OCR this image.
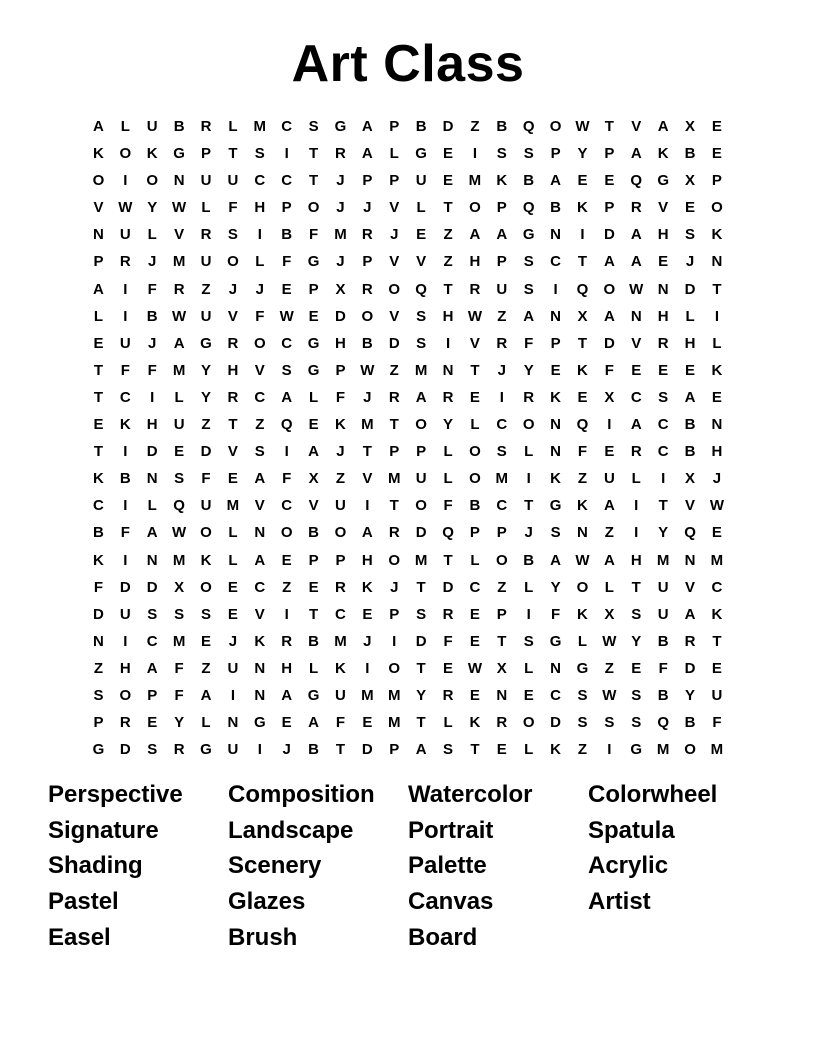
Art Class
A	L	U	B	R	L	M	C	S	G	A	P	B	D	Z	B	Q	O W	T	V	A	X	E
K	O	K	G	P	T	S	I	T	R	A	L	G	E	I	S	S	P	Y	P	A	K	B	E
O	I	O	N	U	U	C	C	T	J	P	P	U	E	M	K	B	A	E	E	Q	G	X	P
V W Y W	L	F	H	P	O	J	J	V	L	T	O	P	Q	B	K	P	R	V	E	O
N	U	L	V	R	S	I	B	F	M	R	J	E	Z	A	A	G	N	I	D	A	H	S	K
P	R	J	M	U	O	L	F	G	J	P	V	V	Z	H	P	S	C	T	A	A	E	J	N
A	I	F	R	Z	J	J	E	P	X	R	O	Q	T	R	U	S	I	Q	O W N	D	T
L	I	B W U	V	F	W E	D	O	V	S	H W	Z	A	N	X	A	N	H	L	I
E	U	J	A	G	R	O	C	G	H	B	D	S	I	V	R	F	P	T	D	V	R	H	L
T	F	F	M	Y	H	V	S	G	P W	Z	M	N	T	J	Y	E	K	F	E	E	E	K
T	C	I	L	Y	R	C	A	L	F	J	R	A	R	E	I	R	K	E	X	C	S	A	E
E	K	H	U	Z	T	Z	Q	E	K	M	T	O	Y	L	C	O	N	Q	I	A	C	B	N
T	I	D	E	D	V	S	I	A	J	T	P	P	L	O	S	L	N	F	E	R	C	B	H
K	B	N	S	F	E	A	F	X	Z	V	M	U	L	O M	I	K	Z	U	L	I	X	J
C	I	L	Q	U	M	V	C	V	U	I	T	O	F	B	C	T	G	K	A	I	T	V W
B	F	A W O	L	N	O	B	O	A	R	D	Q	P	P	J	S	N	Z	I	Y	Q	E
K	I	N	M	K	L	A	E	P	P	H	O M	T	L	O	B	A W A	H	M	N	M
F	D	D	X	O	E	C	Z	E	R	K	J	T	D	C	Z	L	Y	O	L	T	U	V	C
D	U	S	S	S	E	V	I	T	C	E	P	S	R	E	P	I	F	K	X	S	U	A	K
N	I	C	M	E	J	K	R	B	M	J	I	D	F	E	T	S	G	L	W Y	B	R	T
Z	H	A	F	Z	U	N	H	L	K	I	O	T	E W X	L	N	G	Z	E	F	D	E
S	O	P	F	A	I	N	A	G	U	M M	Y	R	E	N	E	C	S W S	B	Y	U
P	R	E	Y	L	N	G	E	A	F	E	M	T	L	K	R	O	D	S	S	S	Q	B	F
G	D	S	R	G	U	I	J	B	T	D	P	A	S	T	E	L	K	Z	I	G M O M
Perspective
Signature
Shading
Pastel
Easel
Composition
Landscape
Scenery
Glazes
Brush
Watercolor
Portrait
Palette
Canvas
Board
Colorwheel
Spatula
Acrylic
Artist
